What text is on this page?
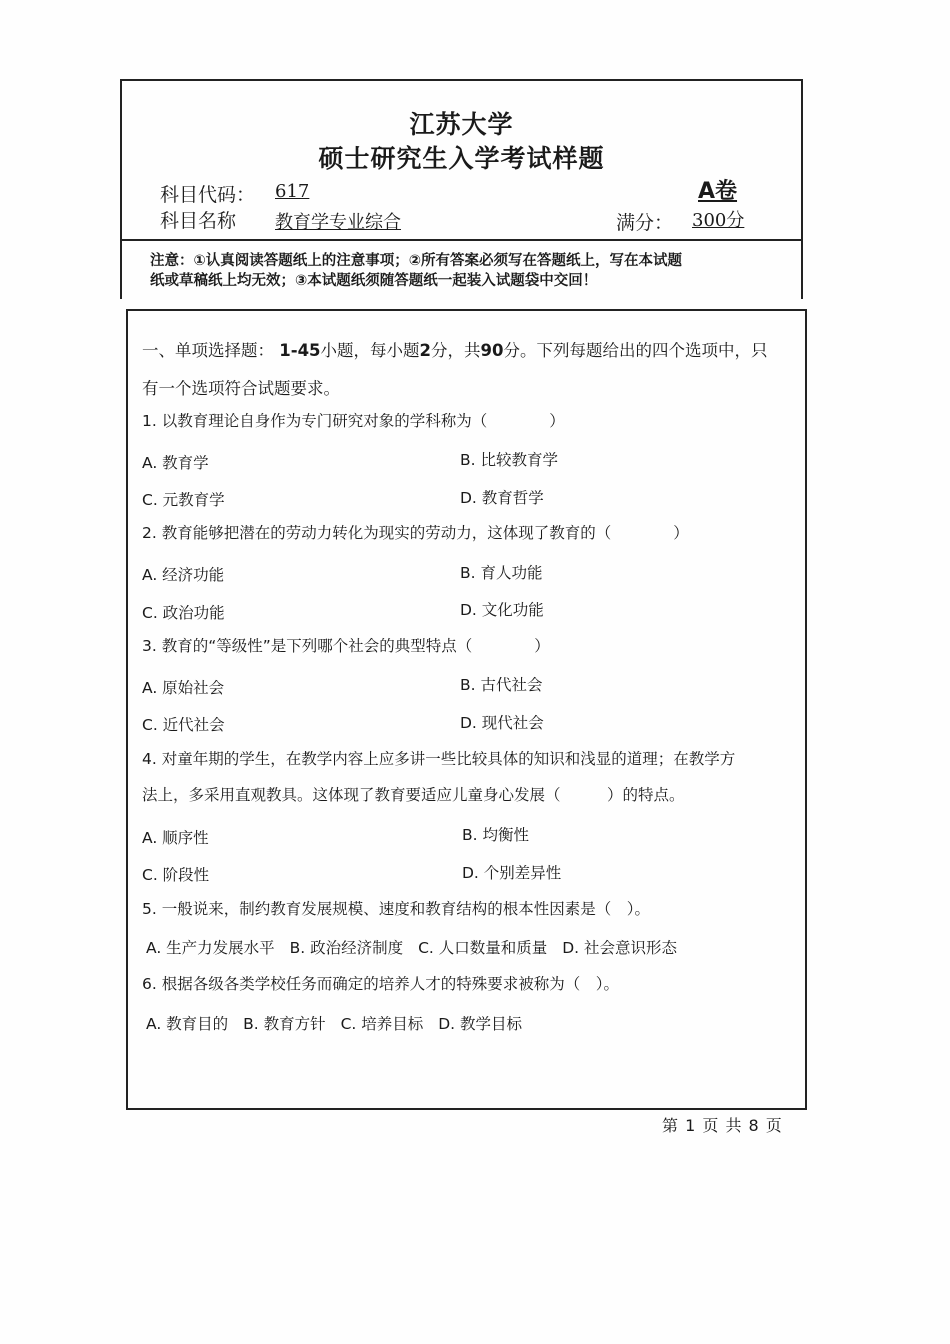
江苏大学
硕士研究生入学考试样题
科目代码： 617	A卷
科目名称 教育学专业综合	满分： 300分
注意：①认真阅读答题纸上的注意事项；②所有答案必须写在答题纸上，写在本试题
纸或草稿纸上均无效；③本试题纸须随答题纸一起装入试题袋中交回！
一、单项选择题： 1-45小题，每小题2分，共90分。下列每题给出的四个选项中，只
有一个选项符合试题要求。
1. 以教育理论自身作为专门研究对象的学科称为（　　　　）
A. 教育学	B. 比较教育学
C. 元教育学	D. 教育哲学
2. 教育能够把潜在的劳动力转化为现实的劳动力，这体现了教育的（　　　　）
A. 经济功能	B. 育人功能
C. 政治功能	D. 文化功能
3. 教育的“等级性”是下列哪个社会的典型特点（　　　　）
A. 原始社会	B. 古代社会
C. 近代社会	D. 现代社会
4. 对童年期的学生，在教学内容上应多讲一些比较具体的知识和浅显的道理；在教学方
法上，多采用直观教具。这体现了教育要适应儿童身心发展（　　　）的特点。
A. 顺序性	B. 均衡性
C. 阶段性	D. 个别差异性
5. 一般说来，制约教育发展规模、速度和教育结构的根本性因素是（　）。
A. 生产力发展水平 B. 政治经济制度 C. 人口数量和质量 D. 社会意识形态
6. 根据各级各类学校任务而确定的培养人才的特殊要求被称为（　）。
A. 教育目的 B. 教育方针 C. 培养目标 D. 教学目标
第 1 页 共 8 页
